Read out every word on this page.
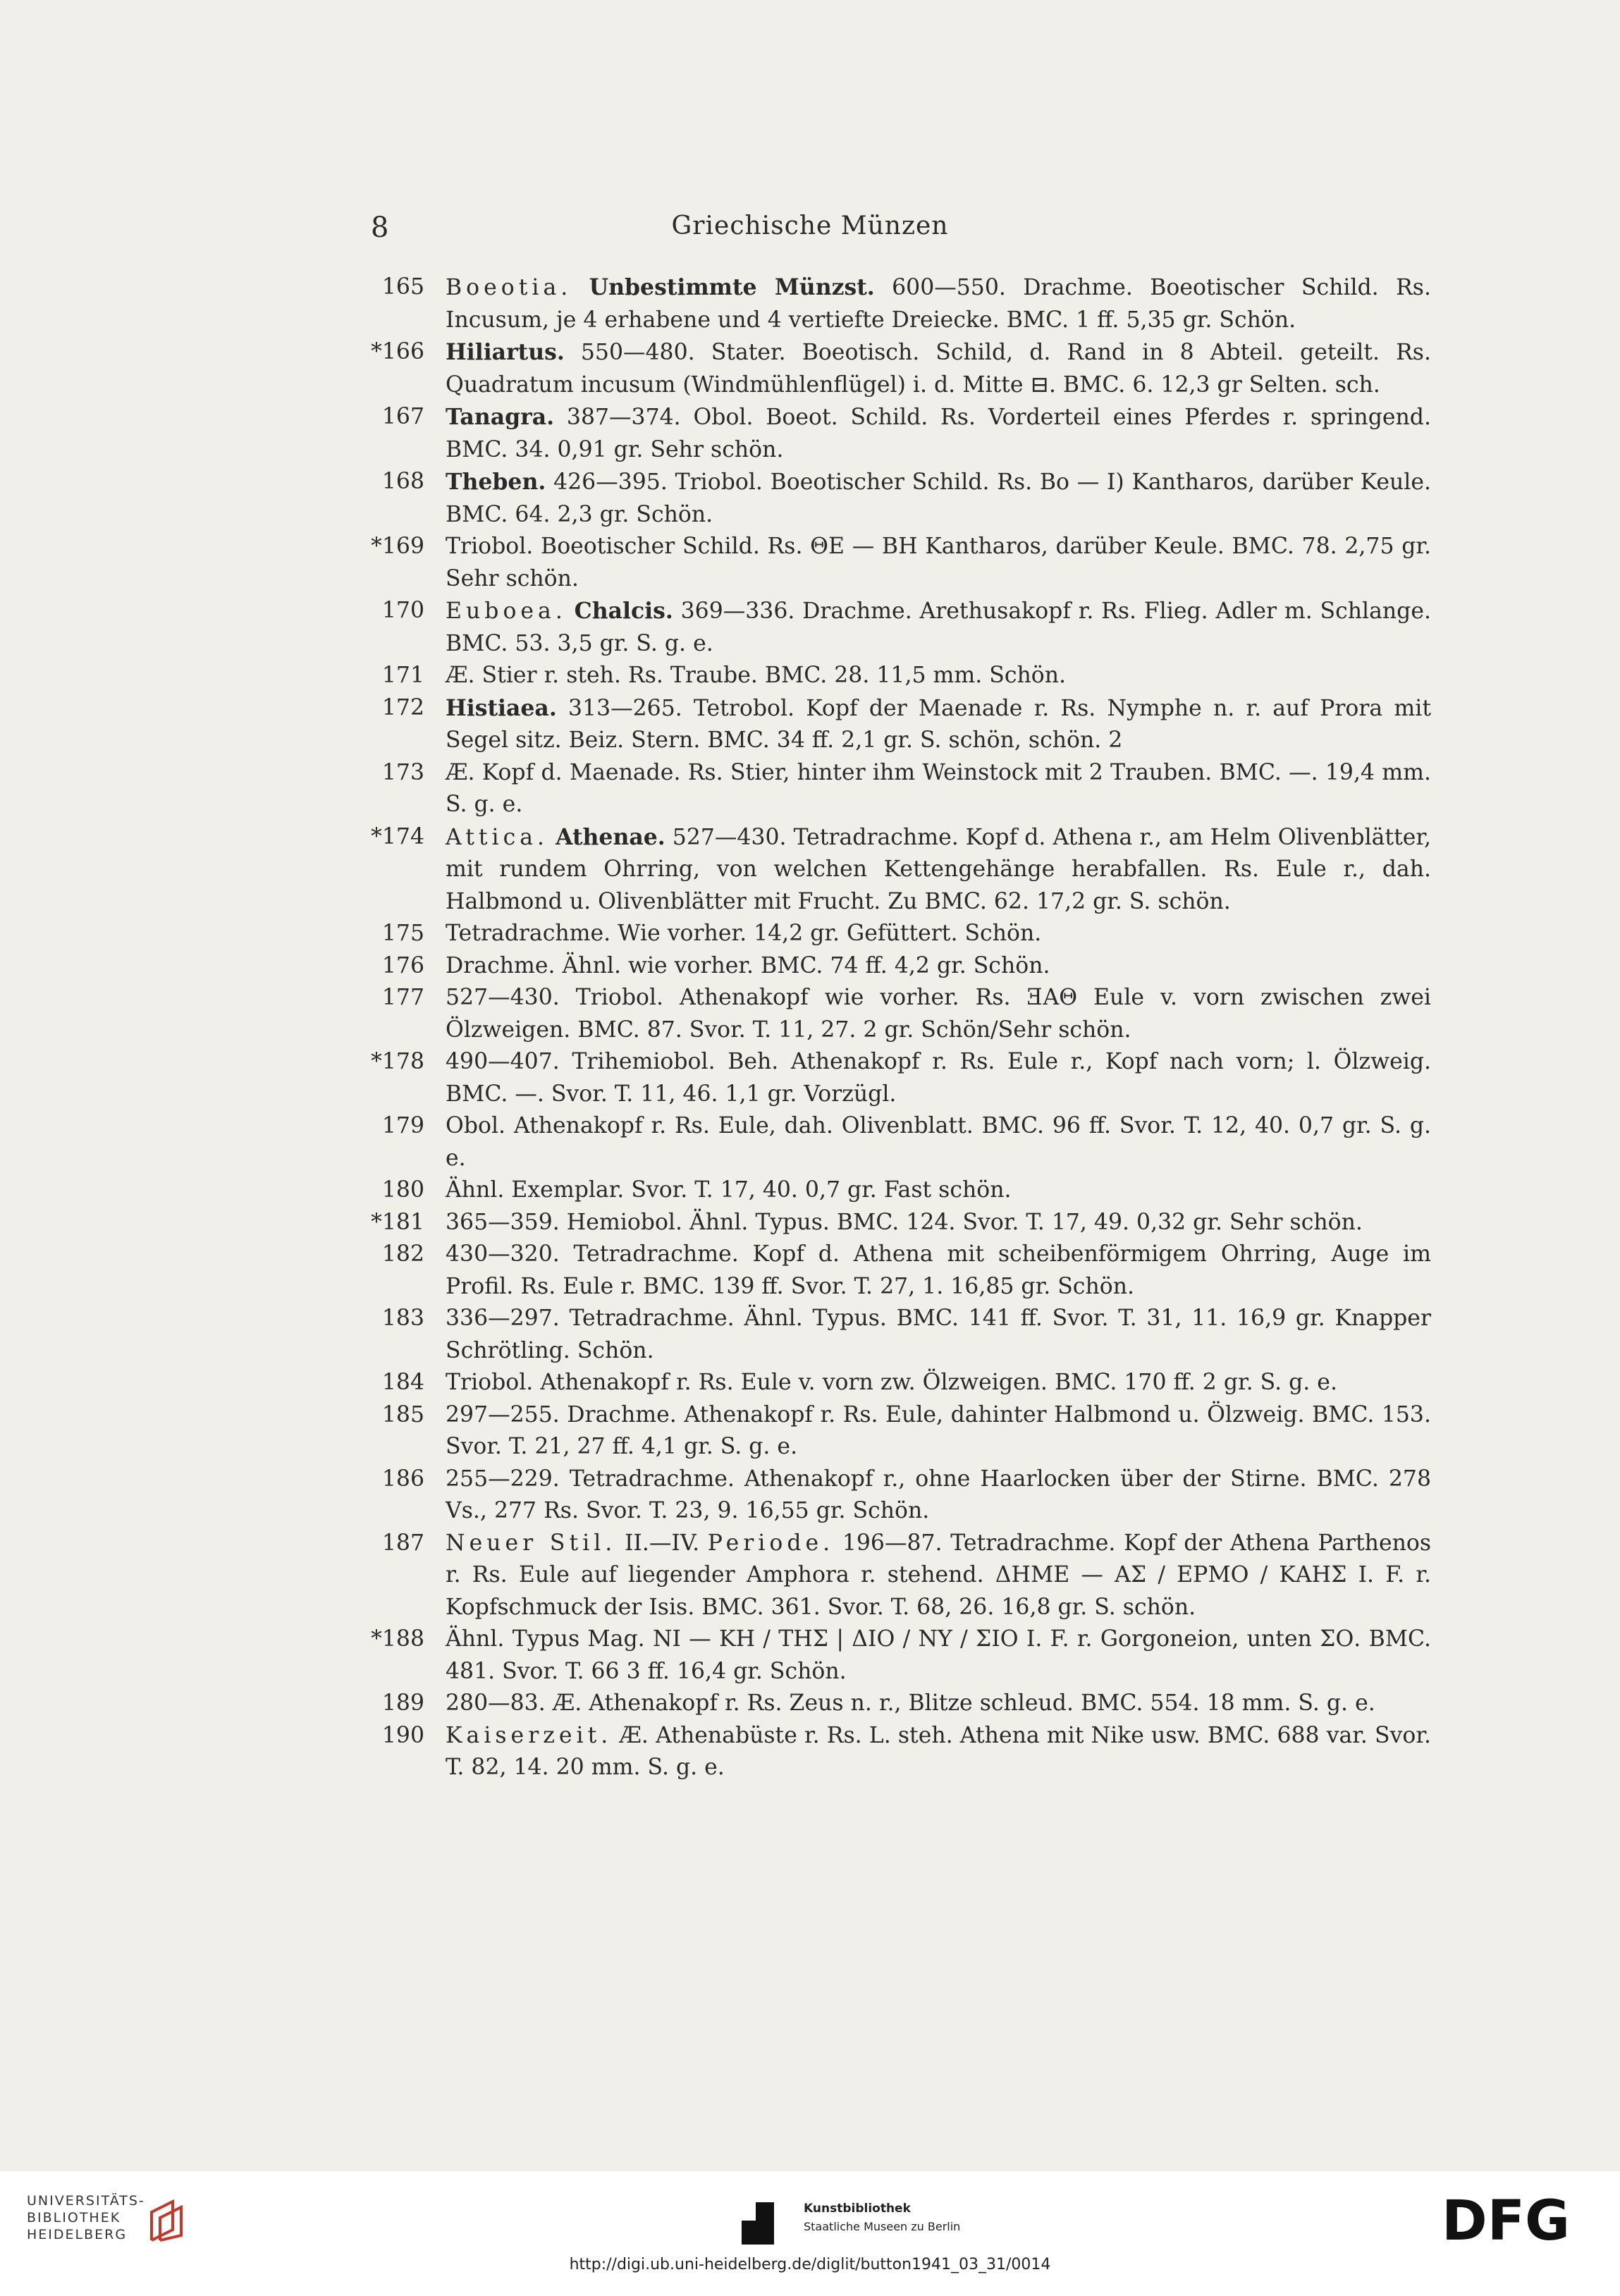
8	Griechische Münzen
165 Boeotia. Unbestimmte Münzst. 600—550. Drachme. Boeotischer Schild. Rs. Incusum, je 4 erhabene und 4 vertiefte Dreiecke. BMC. 1 ff. 5,35 gr. Schön.
*166 Hiliartus. 550—480. Stater. Boeotisch. Schild, d. Rand in 8 Abteil. geteilt. Rs. Quadratum incusum (Windmühlenflügel) i. d. Mitte ⊟. BMC. 6. 12,3 gr Selten. sch.
167 Tanagra. 387—374. Obol. Boeot. Schild. Rs. Vorderteil eines Pferdes r. springend. BMC. 34. 0,91 gr. Sehr schön.
168 Theben. 426—395. Triobol. Boeotischer Schild. Rs. Bo — I) Kantharos, darüber Keule. BMC. 64. 2,3 gr. Schön.
*169 Triobol. Boeotischer Schild. Rs. ΘE — BH Kantharos, darüber Keule. BMC. 78. 2,75 gr. Sehr schön.
170 Euboea. Chalcis. 369—336. Drachme. Arethusakopf r. Rs. Flieg. Adler m. Schlange. BMC. 53. 3,5 gr. S. g. e.
171 Æ. Stier r. steh. Rs. Traube. BMC. 28. 11,5 mm. Schön.
172 Histiaea. 313—265. Tetrobol. Kopf der Maenade r. Rs. Nymphe n. r. auf Prora mit Segel sitz. Beiz. Stern. BMC. 34 ff. 2,1 gr. S. schön, schön. 2
173 Æ. Kopf d. Maenade. Rs. Stier, hinter ihm Weinstock mit 2 Trauben. BMC. —. 19,4 mm. S. g. e.
*174 Attica. Athenae. 527—430. Tetradrachme. Kopf d. Athena r., am Helm Olivenblätter, mit rundem Ohrring, von welchen Kettengehänge herabfallen. Rs. Eule r., dah. Halbmond u. Olivenblätter mit Frucht. Zu BMC. 62. 17,2 gr. S. schön.
175 Tetradrachme. Wie vorher. 14,2 gr. Gefüttert. Schön.
176 Drachme. Ähnl. wie vorher. BMC. 74 ff. 4,2 gr. Schön.
177 527—430. Triobol. Athenakopf wie vorher. Rs. ƎAΘ Eule v. vorn zwischen zwei Ölzweigen. BMC. 87. Svor. T. 11, 27. 2 gr. Schön/Sehr schön.
*178 490—407. Trihemiobol. Beh. Athenakopf r. Rs. Eule r., Kopf nach vorn; l. Ölzweig. BMC. —. Svor. T. 11, 46. 1,1 gr. Vorzügl.
179 Obol. Athenakopf r. Rs. Eule, dah. Olivenblatt. BMC. 96 ff. Svor. T. 12, 40. 0,7 gr. S. g. e.
180 Ähnl. Exemplar. Svor. T. 17, 40. 0,7 gr. Fast schön.
*181 365—359. Hemiobol. Ähnl. Typus. BMC. 124. Svor. T. 17, 49. 0,32 gr. Sehr schön.
182 430—320. Tetradrachme. Kopf d. Athena mit scheibenförmigem Ohrring, Auge im Profil. Rs. Eule r. BMC. 139 ff. Svor. T. 27, 1. 16,85 gr. Schön.
183 336—297. Tetradrachme. Ähnl. Typus. BMC. 141 ff. Svor. T. 31, 11. 16,9 gr. Knapper Schrötling. Schön.
184 Triobol. Athenakopf r. Rs. Eule v. vorn zw. Ölzweigen. BMC. 170 ff. 2 gr. S. g. e.
185 297—255. Drachme. Athenakopf r. Rs. Eule, dahinter Halbmond u. Ölzweig. BMC. 153. Svor. T. 21, 27 ff. 4,1 gr. S. g. e.
186 255—229. Tetradrachme. Athenakopf r., ohne Haarlocken über der Stirne. BMC. 278 Vs., 277 Rs. Svor. T. 23, 9. 16,55 gr. Schön.
187 Neuer Stil. II.—IV. Periode. 196—87. Tetradrachme. Kopf der Athena Parthenos r. Rs. Eule auf liegender Amphora r. stehend. ΔΗΜΕ — ΑΣ / ΕΡΜΟ / ΚΑΗΣ I. F. r. Kopfschmuck der Isis. BMC. 361. Svor. T. 68, 26. 16,8 gr. S. schön.
*188 Ähnl. Typus Mag. NI — KH / ΤΗΣ | ΔΙΟ / ΝΥ / ΣΙΟ I. F. r. Gorgoneion, unten ΣΟ. BMC. 481. Svor. T. 66 3 ff. 16,4 gr. Schön.
189 280—83. Æ. Athenakopf r. Rs. Zeus n. r., Blitze schleud. BMC. 554. 18 mm. S. g. e.
190 Kaiserzeit. Æ. Athenabüste r. Rs. L. steh. Athena mit Nike usw. BMC. 688 var. Svor. T. 82, 14. 20 mm. S. g. e.
UNIVERSITÄTS-
BIBLIOTHEK
HEIDELBERG
Kunstbibliothek
Staatliche Museen zu Berlin	DFG
http://digi.ub.uni-heidelberg.de/diglit/button1941_03_31/0014
